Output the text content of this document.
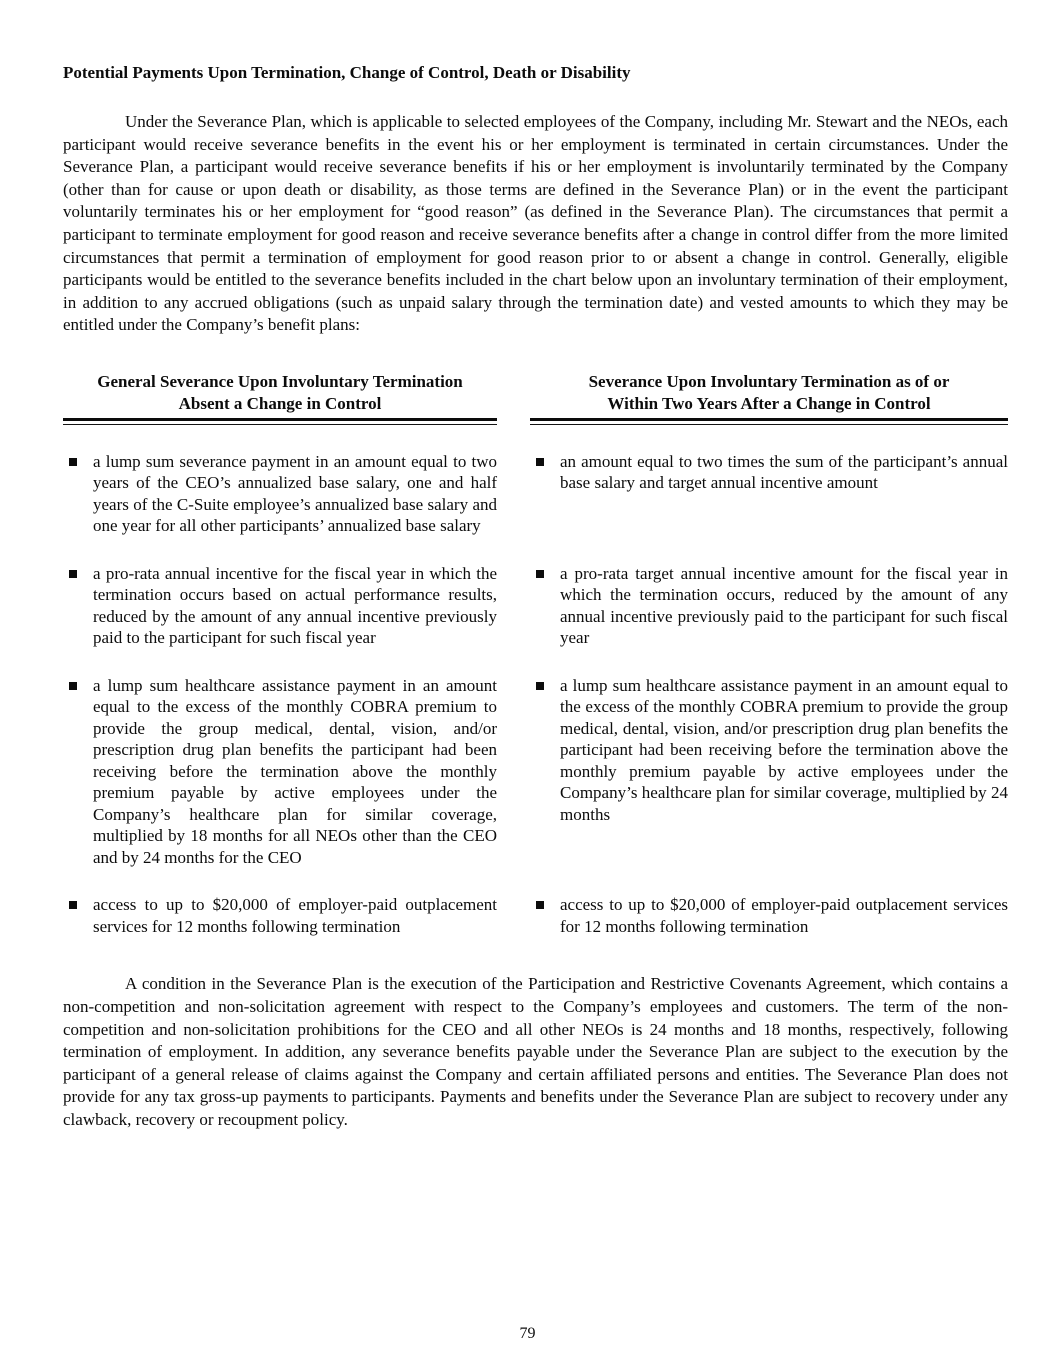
Potential Payments Upon Termination, Change of Control, Death or Disability

Under the Severance Plan, which is applicable to selected employees of the Company, including Mr. Stewart and the NEOs, each participant would receive severance benefits in the event his or her employment is terminated in certain circumstances. Under the Severance Plan, a participant would receive severance benefits if his or her employment is involuntarily terminated by the Company (other than for cause or upon death or disability, as those terms are defined in the Severance Plan) or in the event the participant voluntarily terminates his or her employment for “good reason” (as defined in the Severance Plan). The circumstances that permit a participant to terminate employment for good reason and receive severance benefits after a change in control differ from the more limited circumstances that permit a termination of employment for good reason prior to or absent a change in control. Generally, eligible participants would be entitled to the severance benefits included in the chart below upon an involuntary termination of their employment, in addition to any accrued obligations (such as unpaid salary through the termination date) and vested amounts to which they may be entitled under the Company’s benefit plans:

General Severance Upon Involuntary Termination
Absent a Change in Control
Severance Upon Involuntary Termination as of or
Within Two Years After a Change in Control
a lump sum severance payment in an amount equal to two years of the CEO’s annualized base salary, one and half years of the C-Suite employee’s annualized base salary and one year for all other participants’ annualized base salary
an amount equal to two times the sum of the participant’s annual base salary and target annual incentive amount
a pro-rata annual incentive for the fiscal year in which the termination occurs based on actual performance results, reduced by the amount of any annual incentive previously paid to the participant for such fiscal year
a pro-rata target annual incentive amount for the fiscal year in which the termination occurs, reduced by the amount of any annual incentive previously paid to the participant for such fiscal year
a lump sum healthcare assistance payment in an amount equal to the excess of the monthly COBRA premium to provide the group medical, dental, vision, and/or prescription drug plan benefits the participant had been receiving before the termination above the monthly premium payable by active employees under the Company’s healthcare plan for similar coverage, multiplied by 18 months for all NEOs other than the CEO and by 24 months for the CEO
a lump sum healthcare assistance payment in an amount equal to the excess of the monthly COBRA premium to provide the group medical, dental, vision, and/or prescription drug plan benefits the participant had been receiving before the termination above the monthly premium payable by active employees under the Company’s healthcare plan for similar coverage, multiplied by 24 months
access to up to $20,000 of employer-paid outplacement services for 12 months following termination
access to up to $20,000 of employer-paid outplacement services for 12 months following termination

A condition in the Severance Plan is the execution of the Participation and Restrictive Covenants Agreement, which contains a non-competition and non-solicitation agreement with respect to the Company’s employees and customers. The term of the non-competition and non-solicitation prohibitions for the CEO and all other NEOs is 24 months and 18 months, respectively, following termination of employment. In addition, any severance benefits payable under the Severance Plan are subject to the execution by the participant of a general release of claims against the Company and certain affiliated persons and entities. The Severance Plan does not provide for any tax gross-up payments to participants. Payments and benefits under the Severance Plan are subject to recovery under any clawback, recovery or recoupment policy.

79
